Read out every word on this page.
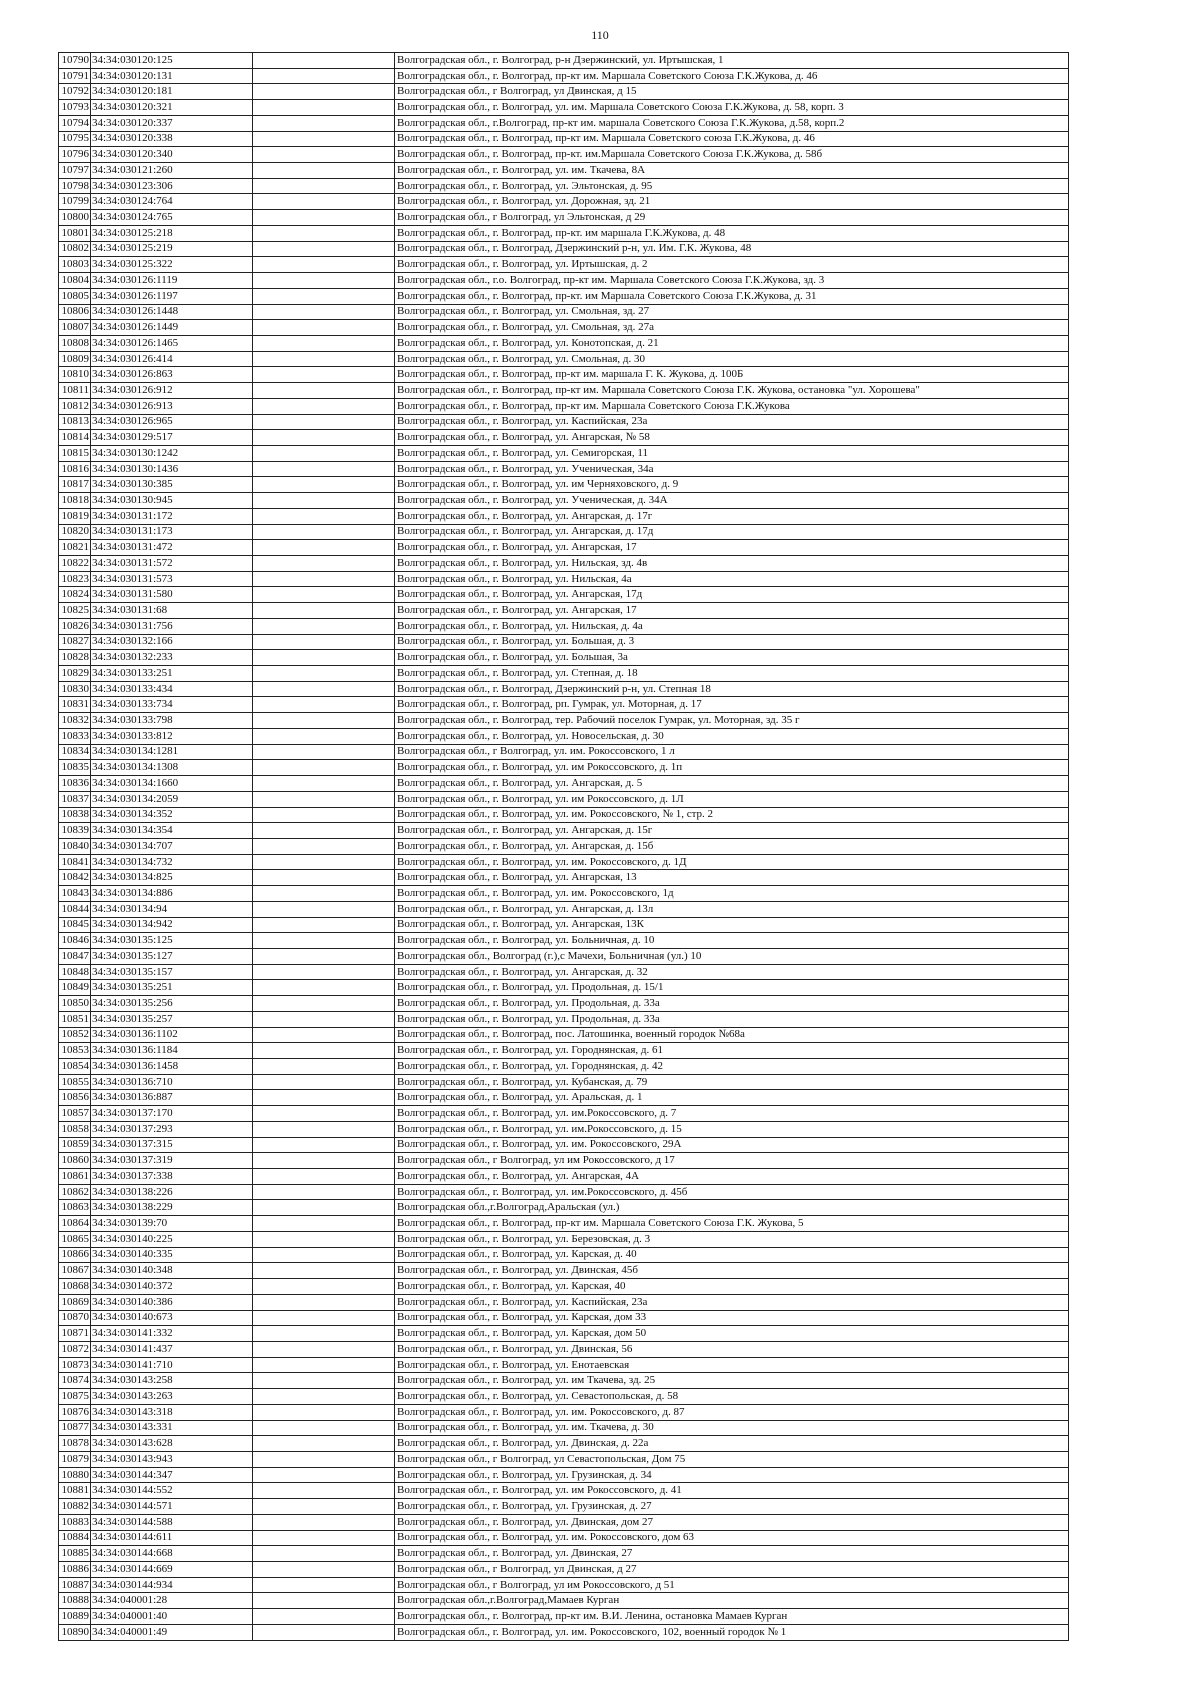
110
10790	34:34:030120:125		Волгоградская обл., г. Волгоград, р-н Дзержинский, ул. Иртышская, 1
10791	34:34:030120:131		Волгоградская обл., г. Волгоград, пр-кт им. Маршала Советского Союза Г.К.Жукова, д. 46
10792	34:34:030120:181		Волгоградская обл., г Волгоград, ул Двинская, д 15
10793	34:34:030120:321		Волгоградская обл., г. Волгоград, ул. им. Маршала Советского Союза Г.К.Жукова, д. 58, корп. 3
10794	34:34:030120:337		Волгоградская обл., г.Волгоград, пр-кт им. маршала Советского Союза Г.К.Жукова, д.58, корп.2
10795	34:34:030120:338		Волгоградская обл., г. Волгоград, пр-кт им. Маршала Советского союза Г.К.Жукова, д. 46
10796	34:34:030120:340		Волгоградская обл., г. Волгоград, пр-кт. им.Маршала Советского Союза Г.К.Жукова, д. 58б
10797	34:34:030121:260		Волгоградская обл., г. Волгоград, ул. им. Ткачева, 8А
10798	34:34:030123:306		Волгоградская обл., г. Волгоград, ул. Эльтонская, д. 95
10799	34:34:030124:764		Волгоградская обл., г. Волгоград, ул. Дорожная, зд. 21
10800	34:34:030124:765		Волгоградская обл., г Волгоград, ул Эльтонская, д 29
10801	34:34:030125:218		Волгоградская обл., г. Волгоград, пр-кт. им маршала Г.К.Жукова, д. 48
10802	34:34:030125:219		Волгоградская обл., г. Волгоград, Дзержинский р-н, ул. Им. Г.К. Жукова, 48
10803	34:34:030125:322		Волгоградская обл., г. Волгоград, ул. Иртышская, д. 2
10804	34:34:030126:1119		Волгоградская обл., г.о. Волгоград, пр-кт им. Маршала Советского Союза Г.К.Жукова, зд. 3
10805	34:34:030126:1197		Волгоградская обл., г. Волгоград, пр-кт. им Маршала Советского Союза Г.К.Жукова, д. 31
10806	34:34:030126:1448		Волгоградская обл., г. Волгоград, ул. Смольная, зд. 27
10807	34:34:030126:1449		Волгоградская обл., г. Волгоград, ул. Смольная, зд. 27а
10808	34:34:030126:1465		Волгоградская обл., г. Волгоград, ул. Конотопская, д. 21
10809	34:34:030126:414		Волгоградская обл., г. Волгоград, ул. Смольная, д. 30
10810	34:34:030126:863		Волгоградская обл., г. Волгоград, пр-кт им. маршала Г. К. Жукова, д. 100Б
10811	34:34:030126:912		Волгоградская обл., г. Волгоград, пр-кт им. Маршала Советского Союза Г.К. Жукова, остановка "ул. Хорошева"
10812	34:34:030126:913		Волгоградская обл., г. Волгоград, пр-кт им. Маршала Советского Союза Г.К.Жукова
10813	34:34:030126:965		Волгоградская обл., г. Волгоград, ул. Каспийская, 23а
10814	34:34:030129:517		Волгоградская обл., г. Волгоград, ул. Ангарская, № 58
10815	34:34:030130:1242		Волгоградская обл., г. Волгоград, ул. Семигорская, 11
10816	34:34:030130:1436		Волгоградская обл., г. Волгоград, ул. Ученическая, 34а
10817	34:34:030130:385		Волгоградская обл., г. Волгоград, ул. им Черняховского, д. 9
10818	34:34:030130:945		Волгоградская обл., г. Волгоград, ул. Ученическая, д. 34А
10819	34:34:030131:172		Волгоградская обл., г. Волгоград, ул. Ангарская, д. 17г
10820	34:34:030131:173		Волгоградская обл., г. Волгоград, ул. Ангарская, д. 17д
10821	34:34:030131:472		Волгоградская обл., г. Волгоград, ул. Ангарская, 17
10822	34:34:030131:572		Волгоградская обл., г. Волгоград, ул. Нильская, зд. 4в
10823	34:34:030131:573		Волгоградская обл., г. Волгоград, ул. Нильская, 4а
10824	34:34:030131:580		Волгоградская обл., г. Волгоград, ул. Ангарская, 17д
10825	34:34:030131:68		Волгоградская обл., г. Волгоград, ул. Ангарская, 17
10826	34:34:030131:756		Волгоградская обл., г. Волгоград, ул. Нильская, д. 4а
10827	34:34:030132:166		Волгоградская обл., г. Волгоград, ул. Большая, д. 3
10828	34:34:030132:233		Волгоградская обл., г. Волгоград, ул. Большая, 3а
10829	34:34:030133:251		Волгоградская обл., г. Волгоград, ул. Степная, д. 18
10830	34:34:030133:434		Волгоградская обл., г. Волгоград, Дзержинский р-н, ул. Степная 18
10831	34:34:030133:734		Волгоградская обл., г. Волгоград, рп. Гумрак, ул. Моторная, д. 17
10832	34:34:030133:798		Волгоградская обл., г. Волгоград, тер. Рабочий поселок Гумрак, ул. Моторная, зд. 35 г
10833	34:34:030133:812		Волгоградская обл., г. Волгоград, ул. Новосельская, д. 30
10834	34:34:030134:1281		Волгоградская обл., г Волгоград, ул. им. Рокоссовского, 1 л
10835	34:34:030134:1308		Волгоградская обл., г. Волгоград, ул. им Рокоссовского, д. 1п
10836	34:34:030134:1660		Волгоградская обл., г. Волгоград, ул. Ангарская, д. 5
10837	34:34:030134:2059		Волгоградская обл., г. Волгоград, ул. им Рокоссовского, д. 1Л
10838	34:34:030134:352		Волгоградская обл., г. Волгоград, ул. им. Рокоссовского, № 1, стр. 2
10839	34:34:030134:354		Волгоградская обл., г. Волгоград, ул. Ангарская, д. 15г
10840	34:34:030134:707		Волгоградская обл., г. Волгоград, ул. Ангарская, д. 15б
10841	34:34:030134:732		Волгоградская обл., г. Волгоград, ул. им. Рокоссовского, д. 1Д
10842	34:34:030134:825		Волгоградская обл., г. Волгоград, ул. Ангарская, 13
10843	34:34:030134:886		Волгоградская обл., г. Волгоград, ул. им. Рокоссовского, 1д
10844	34:34:030134:94		Волгоградская обл., г. Волгоград, ул. Ангарская, д. 13л
10845	34:34:030134:942		Волгоградская обл., г. Волгоград, ул. Ангарская, 13К
10846	34:34:030135:125		Волгоградская обл., г. Волгоград, ул. Больничная, д. 10
10847	34:34:030135:127		Волгоградская обл., Волгоград (г.),с Мачехи, Больничная (ул.) 10
10848	34:34:030135:157		Волгоградская обл., г. Волгоград, ул. Ангарская, д. 32
10849	34:34:030135:251		Волгоградская обл., г. Волгоград, ул. Продольная, д. 15/1
10850	34:34:030135:256		Волгоградская обл., г. Волгоград, ул. Продольная, д. 33а
10851	34:34:030135:257		Волгоградская обл., г. Волгоград, ул. Продольная, д. 33а
10852	34:34:030136:1102		Волгоградская обл., г. Волгоград, пос. Латошинка, военный городок №68а
10853	34:34:030136:1184		Волгоградская обл., г. Волгоград, ул. Городнянская, д. 61
10854	34:34:030136:1458		Волгоградская обл., г. Волгоград, ул. Городнянская, д. 42
10855	34:34:030136:710		Волгоградская обл., г. Волгоград, ул. Кубанская, д. 79
10856	34:34:030136:887		Волгоградская обл., г. Волгоград, ул. Аральская, д. 1
10857	34:34:030137:170		Волгоградская обл., г. Волгоград, ул. им.Рокоссовского, д. 7
10858	34:34:030137:293		Волгоградская обл., г. Волгоград, ул. им.Рокоссовского, д. 15
10859	34:34:030137:315		Волгоградская обл., г. Волгоград, ул. им. Рокоссовского, 29А
10860	34:34:030137:319		Волгоградская обл., г Волгоград, ул им Рокоссовского, д 17
10861	34:34:030137:338		Волгоградская обл., г. Волгоград, ул. Ангарская, 4А
10862	34:34:030138:226		Волгоградская обл., г. Волгоград, ул. им.Рокоссовского, д. 45б
10863	34:34:030138:229		Волгоградская обл.,г.Волгоград,Аральская (ул.)
10864	34:34:030139:70		Волгоградская обл., г. Волгоград, пр-кт им. Маршала Советского Союза Г.К. Жукова, 5
10865	34:34:030140:225		Волгоградская обл., г. Волгоград, ул. Березовская, д. 3
10866	34:34:030140:335		Волгоградская обл., г. Волгоград, ул. Карская, д. 40
10867	34:34:030140:348		Волгоградская обл., г. Волгоград, ул. Двинская, 45б
10868	34:34:030140:372		Волгоградская обл., г. Волгоград, ул. Карская, 40
10869	34:34:030140:386		Волгоградская обл., г. Волгоград, ул. Каспийская, 23а
10870	34:34:030140:673		Волгоградская обл., г. Волгоград, ул. Карская, дом 33
10871	34:34:030141:332		Волгоградская обл., г. Волгоград, ул. Карская, дом 50
10872	34:34:030141:437		Волгоградская обл., г. Волгоград, ул. Двинская, 56
10873	34:34:030141:710		Волгоградская обл., г. Волгоград, ул. Енотаевская
10874	34:34:030143:258		Волгоградская обл., г. Волгоград, ул. им Ткачева, зд. 25
10875	34:34:030143:263		Волгоградская обл., г. Волгоград, ул. Севастопольская, д. 58
10876	34:34:030143:318		Волгоградская обл., г. Волгоград, ул. им. Рокоссовского, д. 87
10877	34:34:030143:331		Волгоградская обл., г. Волгоград, ул. им. Ткачева, д. 30
10878	34:34:030143:628		Волгоградская обл., г. Волгоград, ул. Двинская, д. 22а
10879	34:34:030143:943		Волгоградская обл., г Волгоград, ул Севастопольская, Дом 75
10880	34:34:030144:347		Волгоградская обл., г. Волгоград, ул. Грузинская, д. 34
10881	34:34:030144:552		Волгоградская обл., г. Волгоград, ул. им Рокоссовского, д. 41
10882	34:34:030144:571		Волгоградская обл., г. Волгоград, ул. Грузинская, д. 27
10883	34:34:030144:588		Волгоградская обл., г. Волгоград, ул. Двинская, дом 27
10884	34:34:030144:611		Волгоградская обл., г. Волгоград, ул. им. Рокоссовского, дом 63
10885	34:34:030144:668		Волгоградская обл., г. Волгоград, ул. Двинская, 27
10886	34:34:030144:669		Волгоградская обл., г Волгоград, ул Двинская, д 27
10887	34:34:030144:934		Волгоградская обл., г Волгоград, ул им Рокоссовского, д 51
10888	34:34:040001:28		Волгоградская обл.,г.Волгоград,Мамаев Курган
10889	34:34:040001:40		Волгоградская обл., г. Волгоград, пр-кт им. В.И. Ленина, остановка Мамаев Курган
10890	34:34:040001:49		Волгоградская обл., г. Волгоград, ул. им. Рокоссовского, 102, военный городок № 1
